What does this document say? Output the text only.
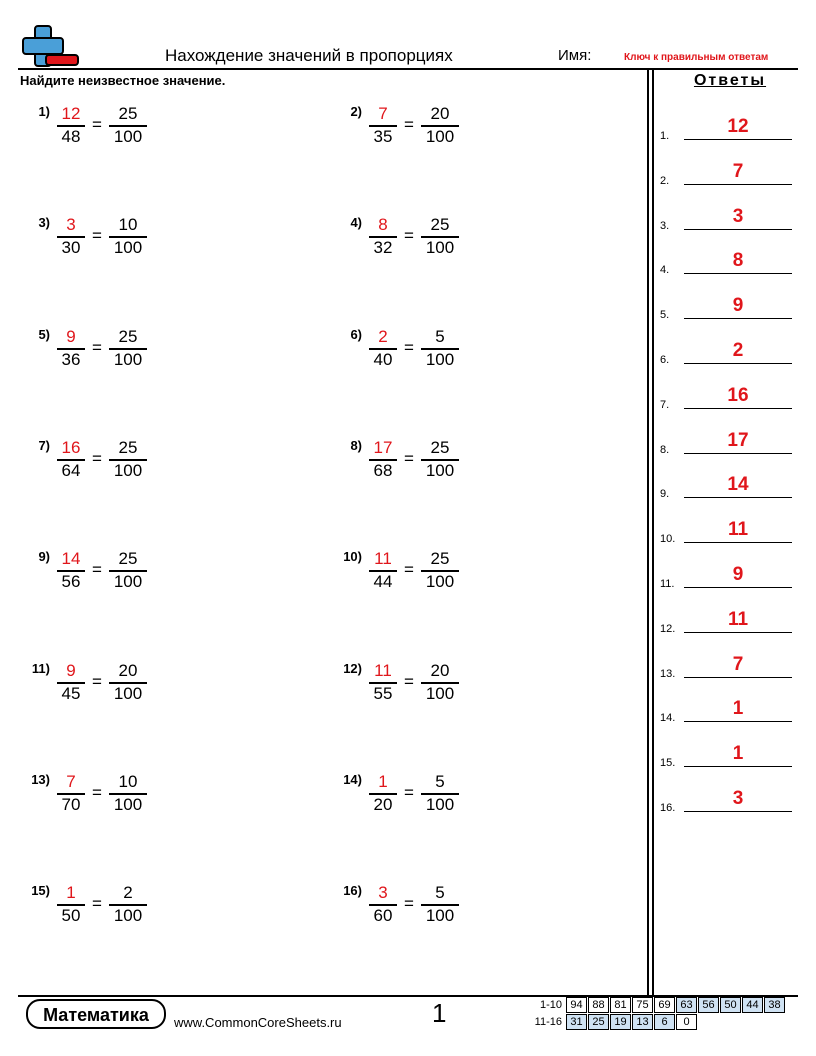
Нахождение значений в пропорциях	Имя:	Ключ к правильным ответам
Найдите неизвестное значение.
1) 12
48
=
25
100
2) 7
35
=
20
100
3) 3
30
=
10
100
4) 8
32
=
25
100
5) 9
36
=
25
100
6) 2
40
=
5
100
7) 16
64
=
25
100
8) 17
68
=
25
100
9) 14
56
=
25
100
10) 11
44
=
25
100
11) 9
45
=
20
100
12) 11
55
=
20
100
13) 7
70
=
10
100
14) 1
20
=
5
100
15) 1
50
=
2
100
16) 3
60
=
5
100
Ответы
1.	12
2.	7
3.	3
4.	8
5.	9
6.	2
7.	16
8.	17
9.	14
10.	11
11.	9
12.	11
13.	7
14.	1
15.	1
16.	3
Математика	www.CommonCoreSheets.ru	1	1-10 94 88 81 75 69 63 56 50 44 38
11-16 31 25 19 13	6	0
